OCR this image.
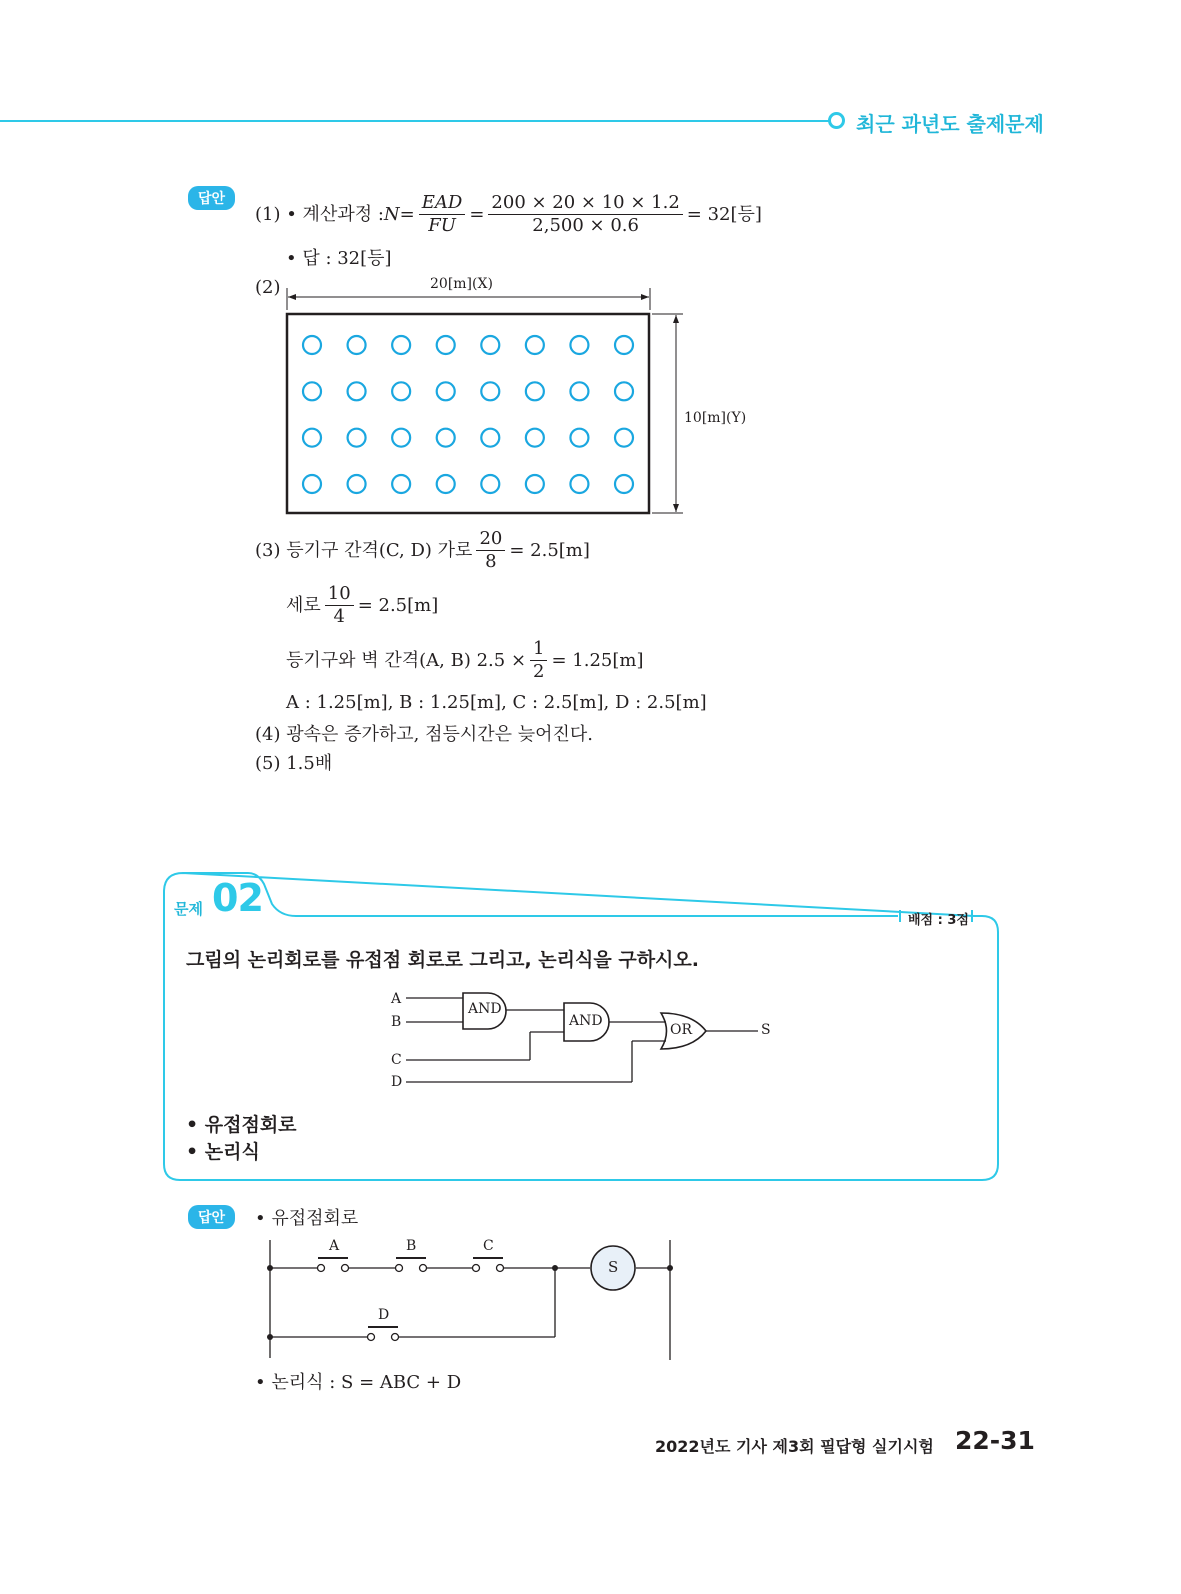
최근 과년도 출제문제
답안
(1) • 계산과정 : $N = \frac{\text{EAD}}{FU} = \frac{200 \times 20 \times 10 \times 1.2}{2,500 \times 0.6} = 32$[등]
• 답 : 32[등]
(2)	20[m](X)
10[m](Y)
(3) 등기구 간격(C, D) 가로 $\frac{20}{8} = 2.5[m]$
세로 $\frac{10}{4} = 2.5[m]$
등기구와 벽 간격(A, B) $2.5 \times \frac{1}{2} = 1.25[m]$
A : 1.25[m], B : 1.25[m], C : 2.5[m], D : 2.5[m]
(4) 광속은 증가하고, 점등시간은 늦어진다.
(5) 1.5배
문제 02
배점 : 3점
그림의 논리회로를 유접점 회로로 그리고, 논리식을 구하시오.
A
B
C
D
AND
AND
OR	S
• 유접점회로
• 논리식
답안	• 유접점회로
A	B	C
D
S
• 논리식 : S = ABC + D
2022년도 기사 제3회 필답형 실기시험 22-31
